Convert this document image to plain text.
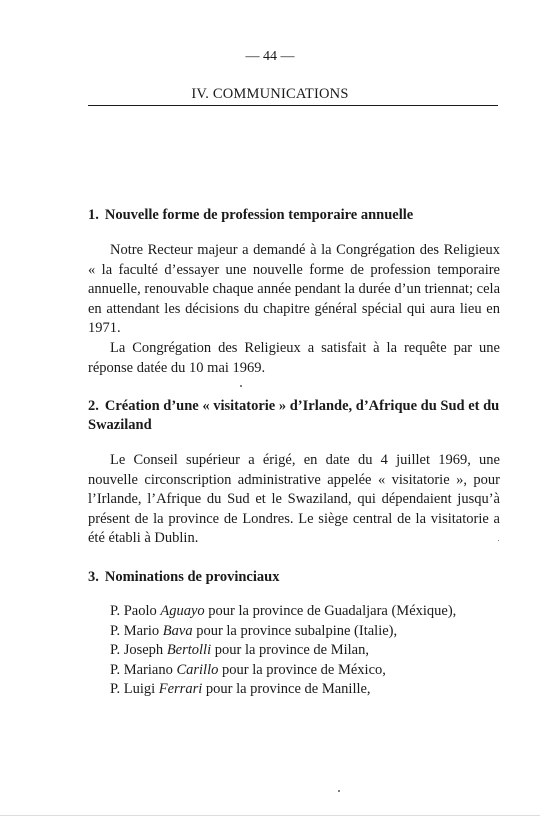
— 44 —
IV. COMMUNICATIONS
1. Nouvelle forme de profession temporaire annuelle
Notre Recteur majeur a demandé à la Congrégation des Religieux « la faculté d’essayer une nouvelle forme de profession temporaire annuelle, renouvable chaque année pendant la durée d’un triennat; cela en attendant les décisions du chapitre général spécial qui aura lieu en 1971.
La Congrégation des Religieux a satisfait à la requête par une réponse datée du 10 mai 1969.
2. Création d’une « visitatorie » d’Irlande, d’Afrique du Sud et du Swaziland
Le Conseil supérieur a érigé, en date du 4 juillet 1969, une nouvelle circonscription administrative appelée « visitatorie », pour l’Irlande, l’Afrique du Sud et le Swaziland, qui dépendaient jusqu’à présent de la province de Londres. Le siège central de la visitatorie a été établi à Dublin.
3. Nominations de provinciaux
P. Paolo Aguayo pour la province de Guadaljara (Méxique),
P. Mario Bava pour la province subalpine (Italie),
P. Joseph Bertolli pour la province de Milan,
P. Mariano Carillo pour la province de México,
P. Luigi Ferrari pour la province de Manille,
